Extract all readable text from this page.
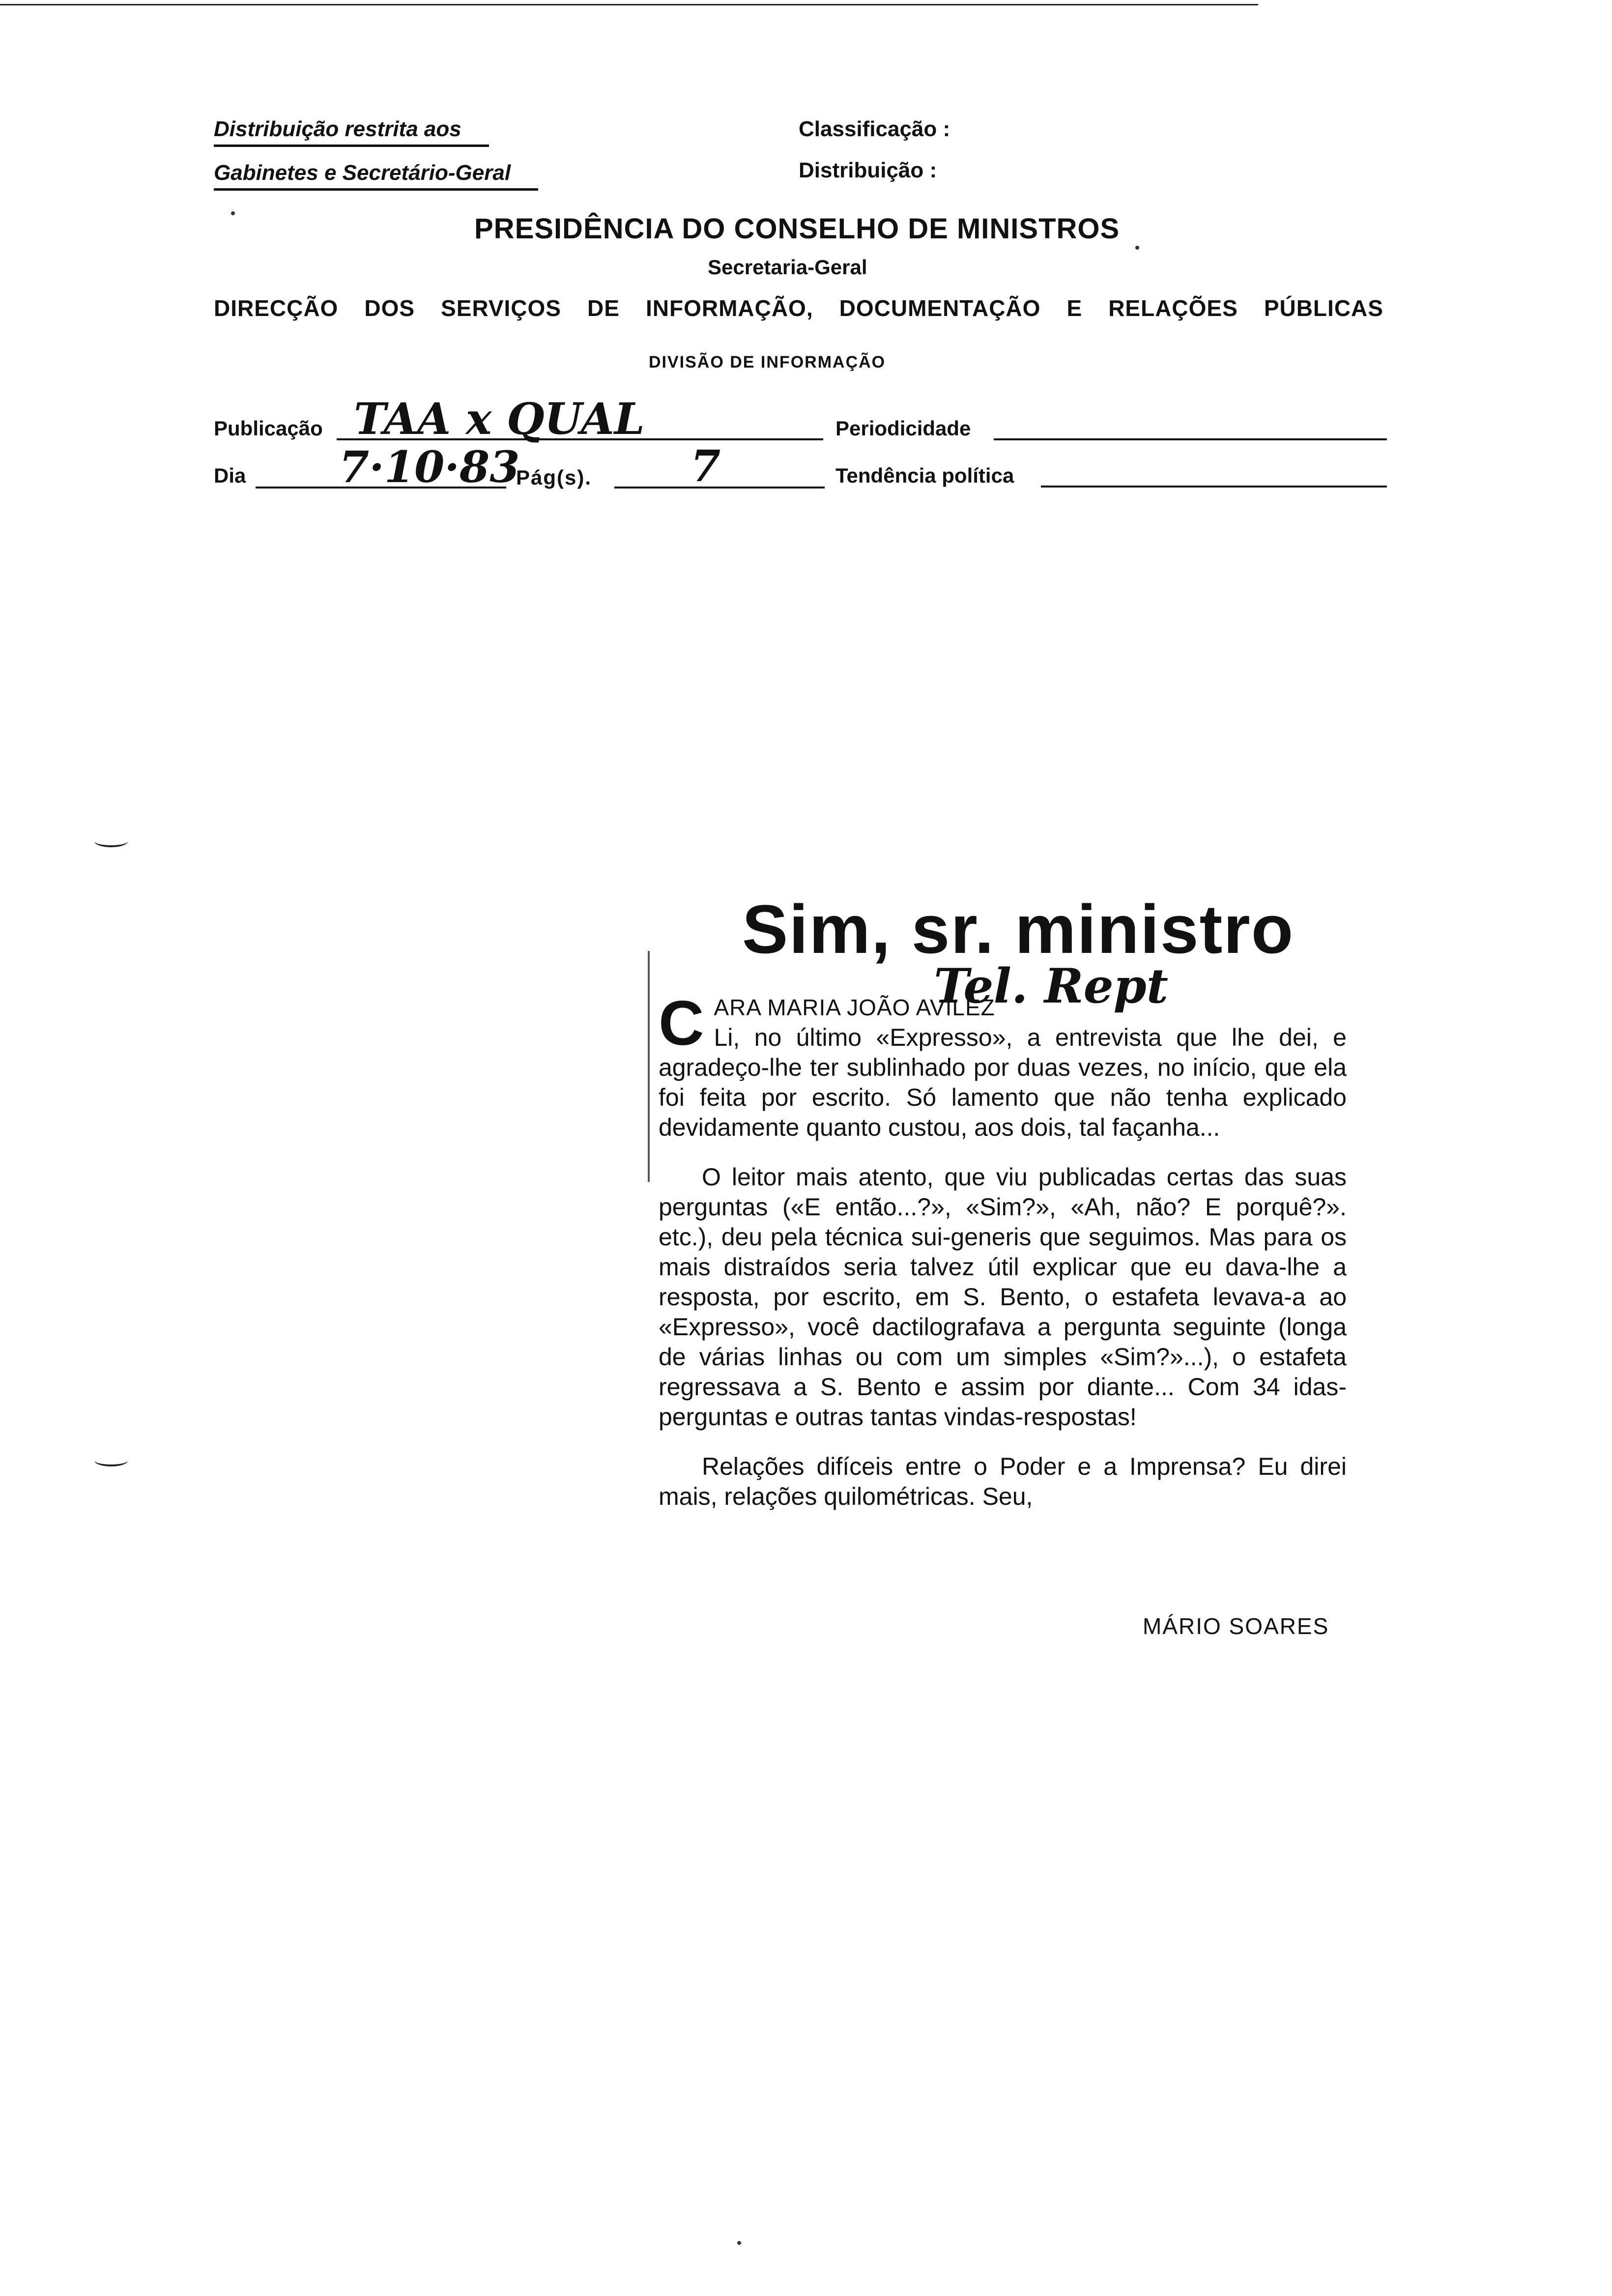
Distribuição restrita aos
Gabinetes e Secretário-Geral
Classificação :
Distribuição :
PRESIDÊNCIA DO CONSELHO DE MINISTROS
Secretaria-Geral
DIRECÇÃO DOS SERVIÇOS DE INFORMAÇÃO, DOCUMENTAÇÃO E RELAÇÕES PÚBLICAS
DIVISÃO DE INFORMAÇÃO
Publicação TAA x QUAL	Periodicidade
Dia 7·10·83
Pág(s). 7	Tendência política
Sim, sr. ministro
Tel. Rept
C ARA MARIA JOÃO AVILEZ

Li, no último «Expresso», a entrevista que lhe dei, e agradeço-lhe ter sublinhado por duas vezes, no início, que ela foi feita por escrito. Só lamento que não tenha explicado devidamente quanto custou, aos dois, tal façanha...

O leitor mais atento, que viu publicadas certas das suas perguntas («E então...?», «Sim?», «Ah, não? E porquê?». etc.), deu pela técnica sui-generis que seguimos. Mas para os mais distraídos seria talvez útil explicar que eu dava-lhe a resposta, por escrito, em S. Bento, o estafeta levava-a ao «Expresso», você dactilografava a pergunta seguinte (longa de várias linhas ou com um simples «Sim?»...), o estafeta regressava a S. Bento e assim por diante... Com 34 idas-perguntas e outras tantas vindas-respostas!

Relações difíceis entre o Poder e a Imprensa? Eu direi mais, relações quilométricas. Seu,

MÁRIO SOARES
